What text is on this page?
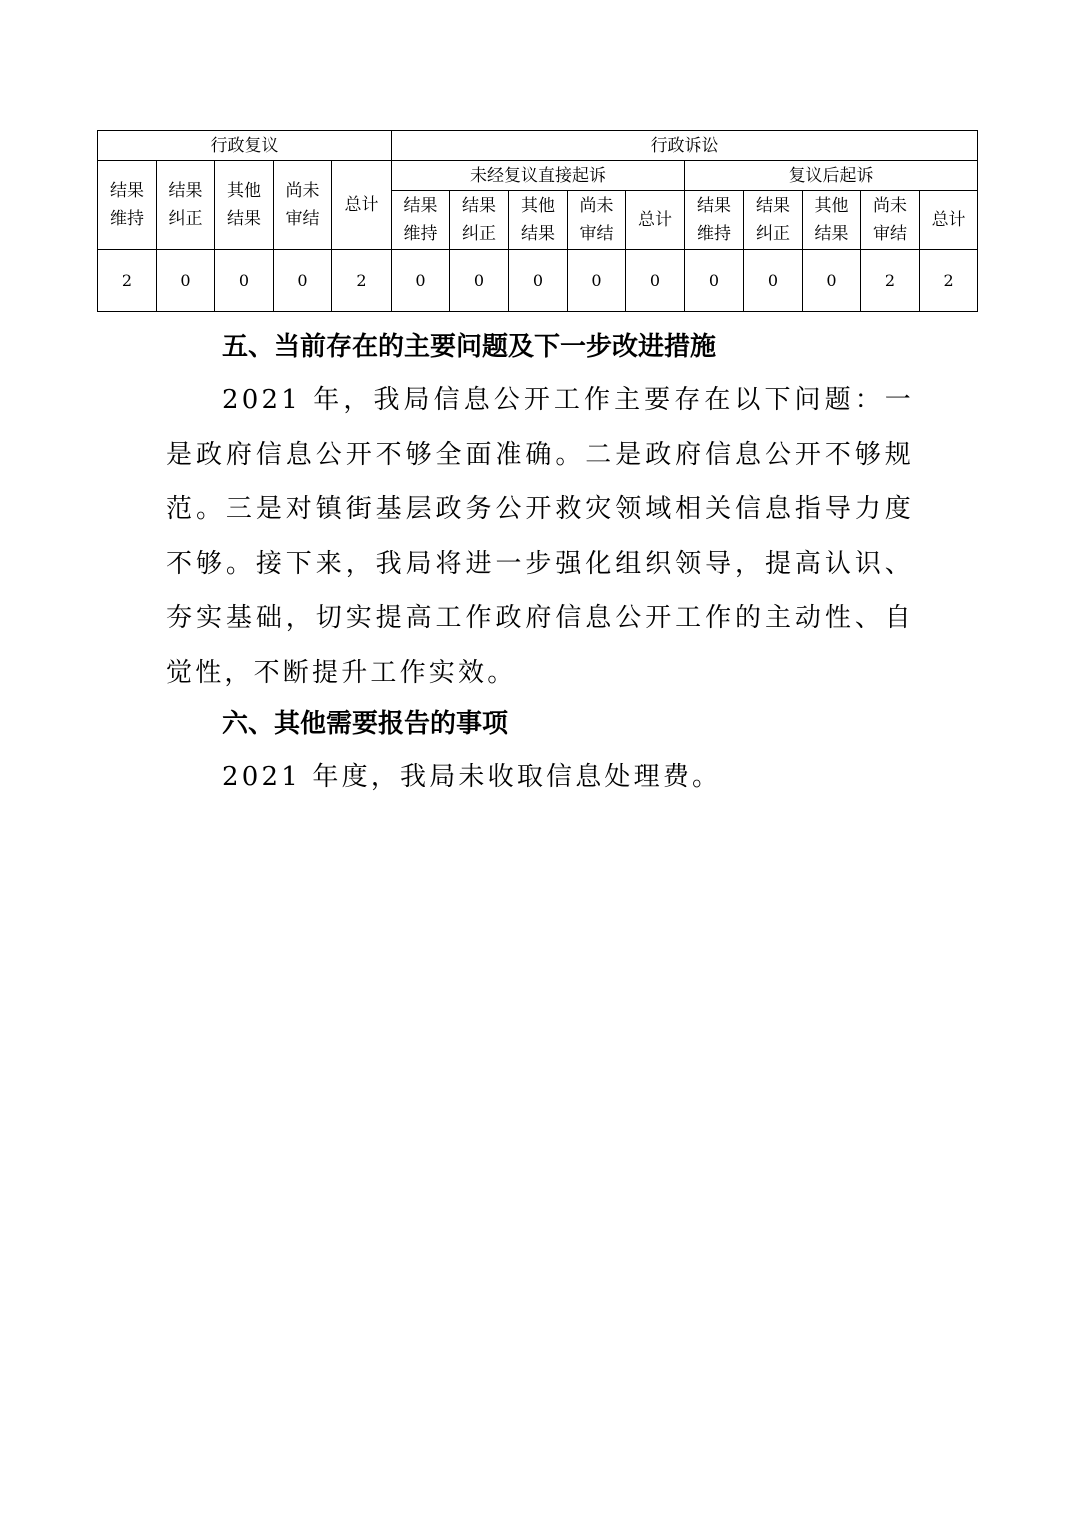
行政复议					行政诉讼									

结果维持	结果纠正	其他结果	尚未审结	总计	未经复议直接起诉					复议后起诉				

					结果维持	结果纠正	其他结果	尚未审结	总计	结果维持	结果纠正	其他结果	尚未审结	总计
2	0	0	0	2	0	0	0	0	0	0	0	0	2	2
五、当前存在的主要问题及下一步改进措施

2021 年，我局信息公开工作主要存在以下问题：一是政府信息公开不够全面准确。二是政府信息公开不够规范。三是对镇街基层政务公开救灾领域相关信息指导力度不够。接下来，我局将进一步强化组织领导，提高认识、夯实基础，切实提高工作政府信息公开工作的主动性、自觉性，不断提升工作实效。

六、其他需要报告的事项

2021 年度，我局未收取信息处理费。
